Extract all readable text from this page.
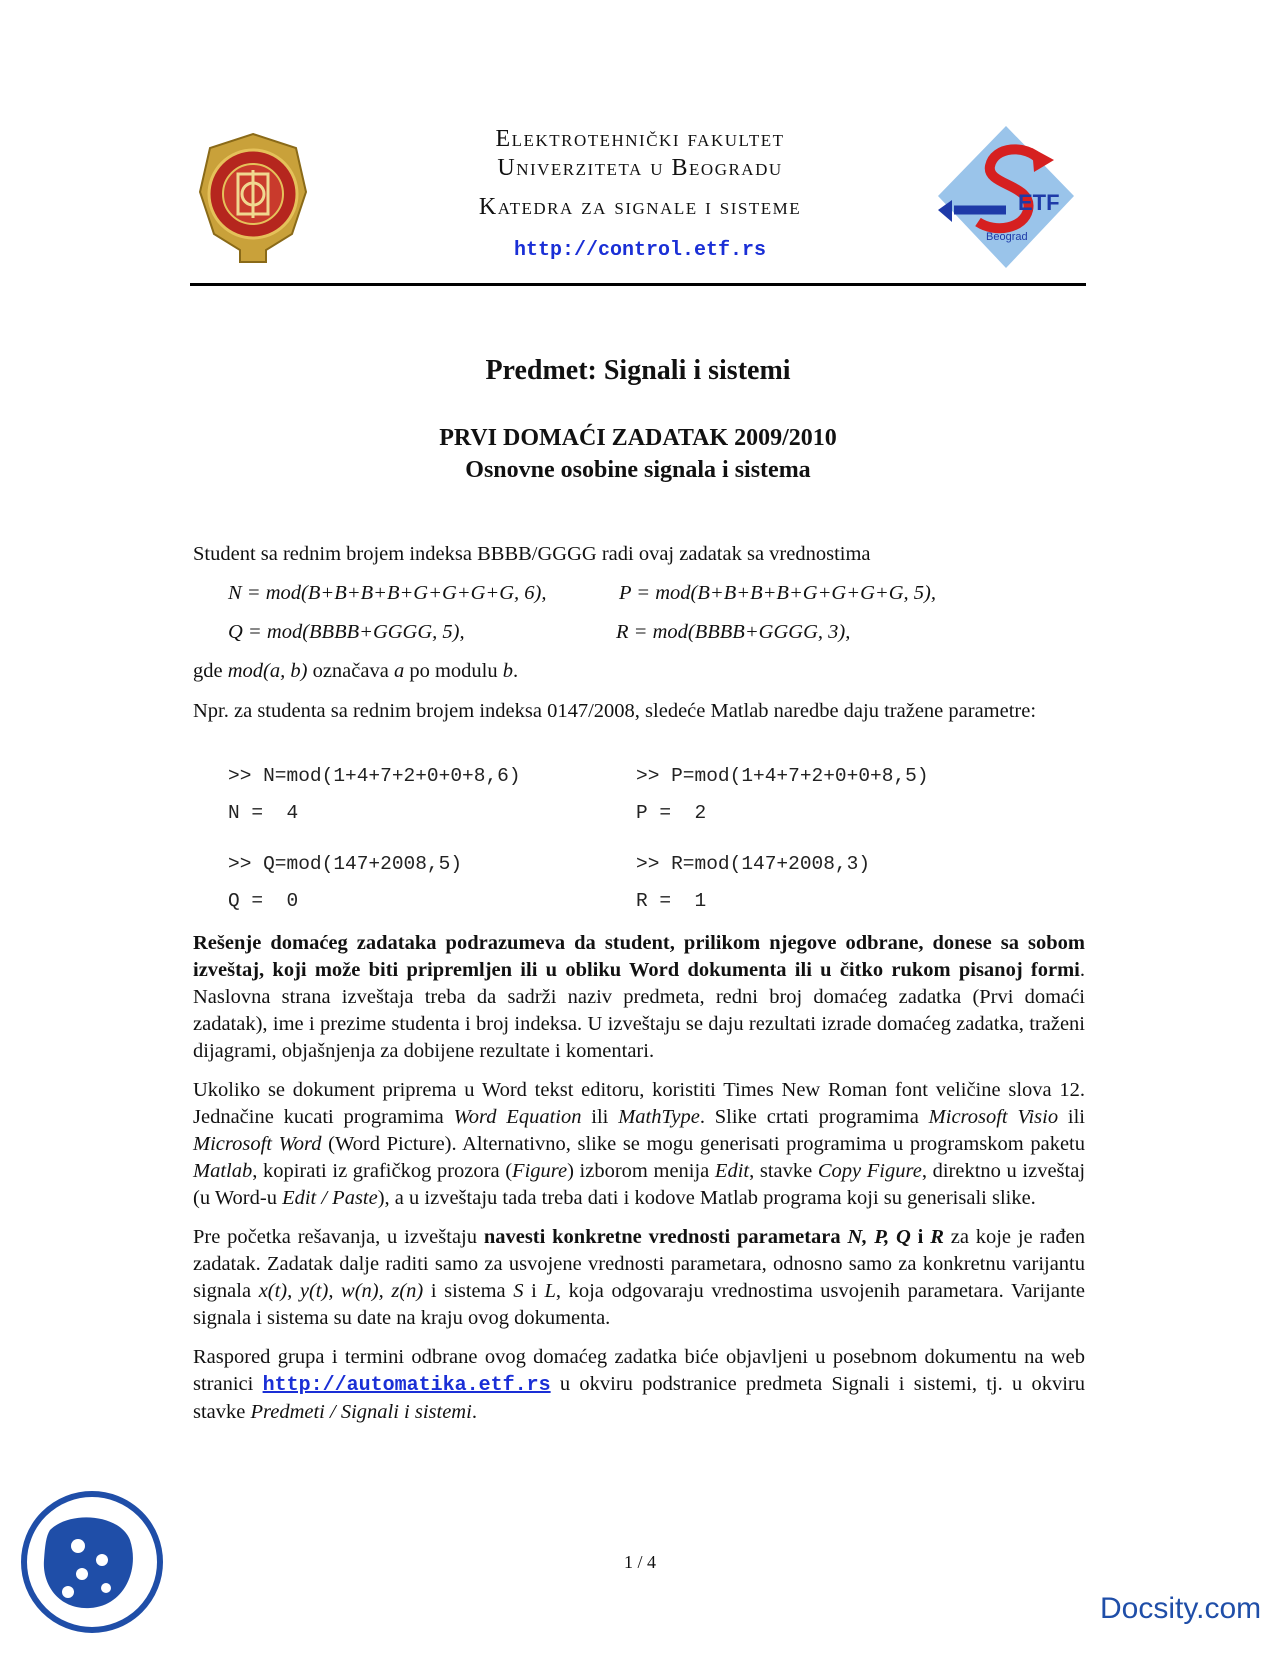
Elektrotehnički fakultet

Univerziteta u Beogradu

Katedra za signale i sisteme

http://control.etf.rs

ETF
Beograd
Predmet: Signali i sistemi
PRVI DOMAĆI ZADATAK 2009/2010
Osnovne osobine signala i sistema
Student sa rednim brojem indeksa BBBB/GGGG radi ovaj zadatak sa vrednostima
N = mod(B+B+B+B+G+G+G+G, 6),	P = mod(B+B+B+B+G+G+G+G, 5),
Q = mod(BBBB+GGGG, 5),	R = mod(BBBB+GGGG, 3),
gde mod(a, b) označava a po modulu b.
Npr. za studenta sa rednim brojem indeksa 0147/2008, sledeće Matlab naredbe daju tražene parametre:
>> N=mod(1+4+7+2+0+0+8,6)	>> P=mod(1+4+7+2+0+0+8,5)
N =  4	P =  2
>> Q=mod(147+2008,5)	>> R=mod(147+2008,3)
Q =  0	R =  1

Rešenje domaćeg zadataka podrazumeva da student, prilikom njegove odbrane, donese sa sobom izveštaj, koji može biti pripremljen ili u obliku Word dokumenta ili u čitko rukom pisanoj formi. Naslovna strana izveštaja treba da sadrži naziv predmeta, redni broj domaćeg zadatka (Prvi domaći zadatak), ime i prezime studenta i broj indeksa. U izveštaju se daju rezultati izrade domaćeg zadatka, traženi dijagrami, objašnjenja za dobijene rezultate i komentari.

Ukoliko se dokument priprema u Word tekst editoru, koristiti Times New Roman font veličine slova 12. Jednačine kucati programima Word Equation ili MathType. Slike crtati programima Microsoft Visio ili Microsoft Word (Word Picture). Alternativno, slike se mogu generisati programima u programskom paketu Matlab, kopirati iz grafičkog prozora (Figure) izborom menija Edit, stavke Copy Figure, direktno u izveštaj (u Word-u Edit / Paste), a u izveštaju tada treba dati i kodove Matlab programa koji su generisali slike.

Pre početka rešavanja, u izveštaju navesti konkretne vrednosti parametara N, P, Q i R za koje je rađen zadatak. Zadatak dalje raditi samo za usvojene vrednosti parametara, odnosno samo za konkretnu varijantu signala x(t), y(t), w(n), z(n) i sistema S i L, koja odgovaraju vrednostima usvojenih parametara. Varijante signala i sistema su date na kraju ovog dokumenta.

Raspored grupa i termini odbrane ovog domaćeg zadatka biće objavljeni u posebnom dokumentu na web stranici http://automatika.etf.rs u okviru podstranice predmeta Signali i sistemi, tj. u okviru stavke Predmeti / Signali i sistemi.

1 / 4
Docsity.com
